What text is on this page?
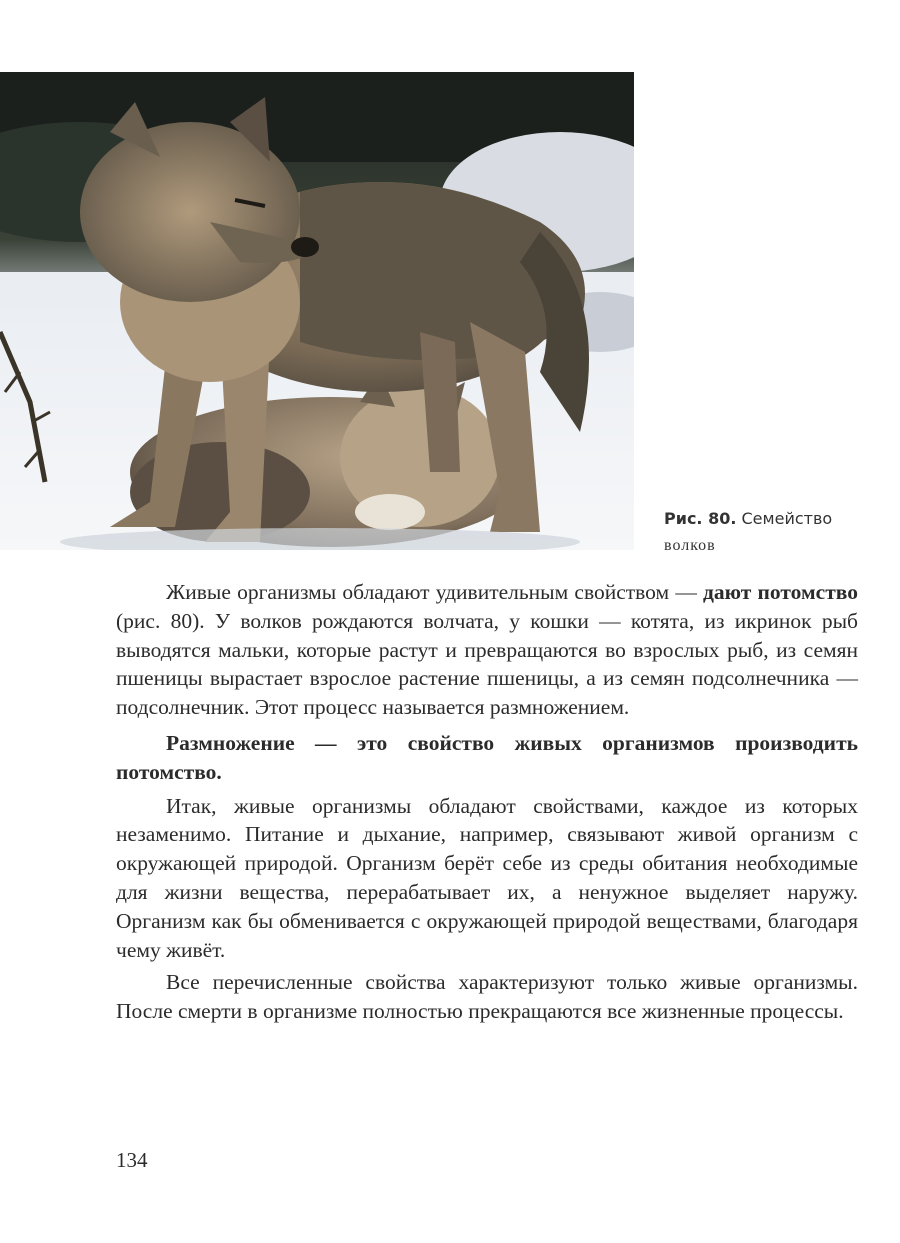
Рис. 80. Семейство
волков

Живые организмы обладают удивительным свойством — дают потомство (рис. 80). У волков рождаются волчата, у кошки — котята, из икринок рыб выводятся мальки, которые растут и превращаются во взрослых рыб, из семян пшеницы вырастает взрослое растение пшеницы, а из семян подсолнечника — подсолнечник. Этот процесс называется размножением.

Размножение — это свойство живых организмов производить потомство.

Итак, живые организмы обладают свойствами, каждое из которых незаменимо. Питание и дыхание, например, связывают живой организм с окружающей природой. Организм берёт себе из среды обитания необходимые для жизни вещества, перерабатывает их, а ненужное выделяет наружу. Организм как бы обменивается с окружающей природой веществами, благодаря чему живёт.

Все перечисленные свойства характеризуют только живые организмы. После смерти в организме полностью прекращаются все жизненные процессы.

134
